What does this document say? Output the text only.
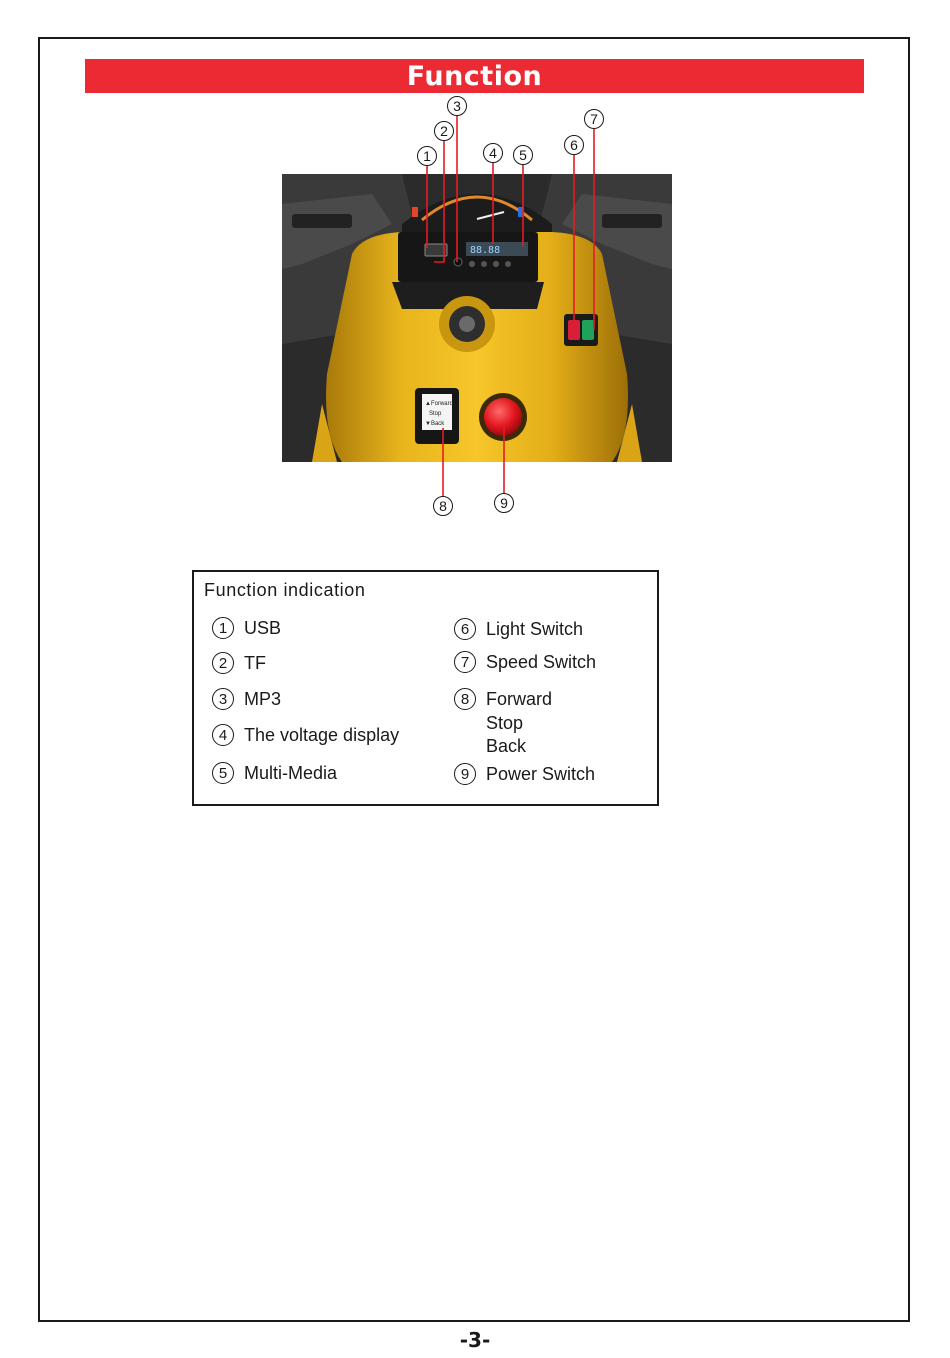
Function
1
2
3
4	5
6
7
8	9
88.88
▲Forward
Stop
▼Back
Function indication
1 USB
2 TF
3 MP3
4 The voltage display
5 Multi-Media
6 Light Switch
7 Speed Switch
8 Forward
Stop
Back
9 Power Switch
-3-
